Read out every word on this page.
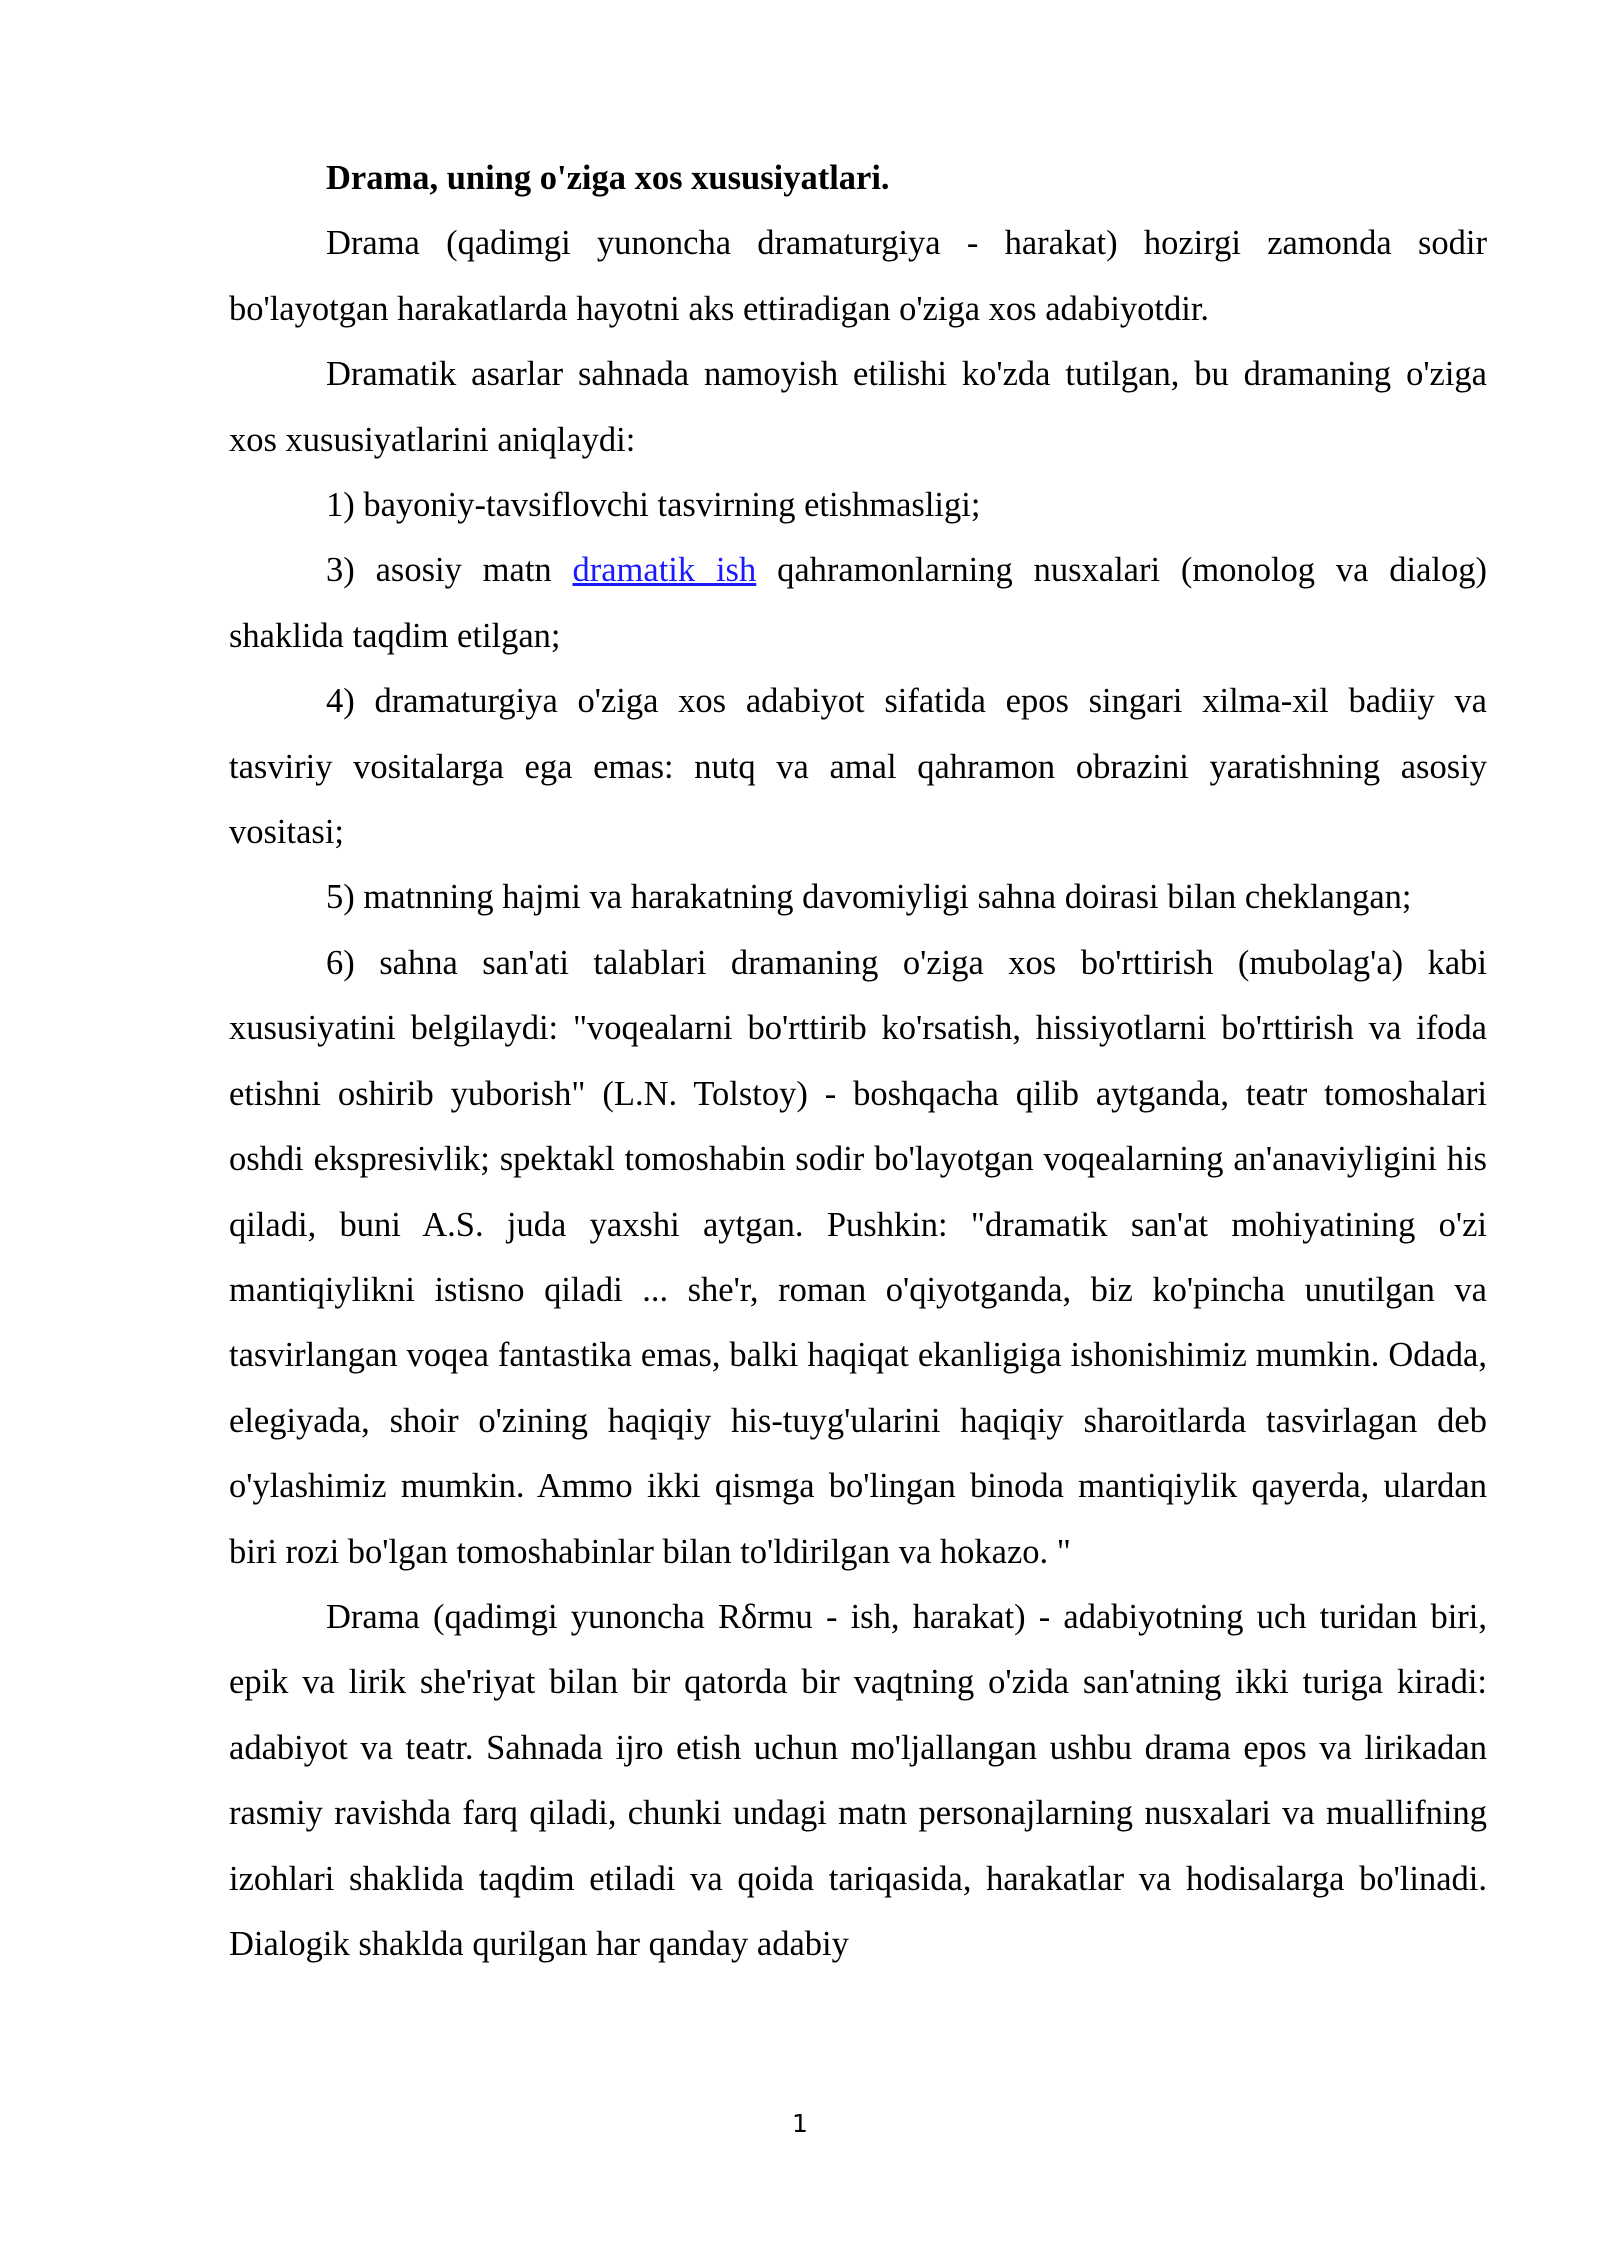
Drama, uning o'ziga xos xususiyatlari.

Drama (qadimgi yunoncha dramaturgiya - harakat) hozirgi zamonda sodir bo'layotgan harakatlarda hayotni aks ettiradigan o'ziga xos adabiyotdir.

Dramatik asarlar sahnada namoyish etilishi ko'zda tutilgan, bu dramaning o'ziga xos xususiyatlarini aniqlaydi:

1) bayoniy-tavsiflovchi tasvirning etishmasligi;

3) asosiy matn dramatik ish qahramonlarning nusxalari (monolog va dialog) shaklida taqdim etilgan;

4) dramaturgiya o'ziga xos adabiyot sifatida epos singari xilma-xil badiiy va tasviriy vositalarga ega emas: nutq va amal qahramon obrazini yaratishning asosiy vositasi;

5) matnning hajmi va harakatning davomiyligi sahna doirasi bilan cheklangan;

6) sahna san'ati talablari dramaning o'ziga xos bo'rttirish (mubolag'a) kabi xususiyatini belgilaydi: "voqealarni bo'rttirib ko'rsatish, hissiyotlarni bo'rttirish va ifoda etishni oshirib yuborish" (L.N. Tolstoy) - boshqacha qilib aytganda, teatr tomoshalari oshdi ekspresivlik; spektakl tomoshabin sodir bo'layotgan voqealarning an'anaviyligini his qiladi, buni A.S. juda yaxshi aytgan. Pushkin: "dramatik san'at mohiyatining o'zi mantiqiylikni istisno qiladi ... she'r, roman o'qiyotganda, biz ko'pincha unutilgan va tasvirlangan voqea fantastika emas, balki haqiqat ekanligiga ishonishimiz mumkin. Odada, elegiyada, shoir o'zining haqiqiy his-tuyg'ularini haqiqiy sharoitlarda tasvirlagan deb o'ylashimiz mumkin. Ammo ikki qismga bo'lingan binoda mantiqiylik qayerda, ulardan biri rozi bo'lgan tomoshabinlar bilan to'ldirilgan va hokazo. "

Drama (qadimgi yunoncha Rδrmu - ish, harakat) - adabiyotning uch turidan biri, epik va lirik she'riyat bilan bir qatorda bir vaqtning o'zida san'atning ikki turiga kiradi: adabiyot va teatr. Sahnada ijro etish uchun mo'ljallangan ushbu drama epos va lirikadan rasmiy ravishda farq qiladi, chunki undagi matn personajlarning nusxalari va muallifning izohlari shaklida taqdim etiladi va qoida tariqasida, harakatlar va hodisalarga bo'linadi. Dialogik shaklda qurilgan har qanday adabiy

1
